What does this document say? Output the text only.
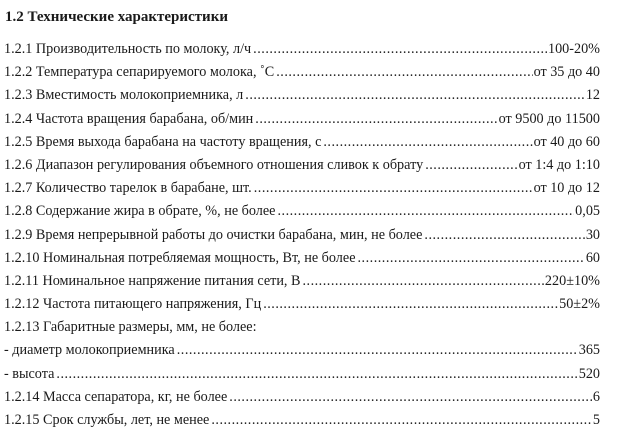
1.2 Технические характеристики
1.2.1 Производительность по молоку, л/ч .....	100-20%
1.2.2 Температура сепарируемого молока, ˚С .....	от 35 до 40
1.2.3 Вместимость молокоприемника, л .....	12
1.2.4 Частота вращения барабана, об/мин .....	от 9500 до 11500
1.2.5 Время выхода барабана на частоту вращения, с .....	от 40 до 60
1.2.6 Диапазон регулирования объемного отношения сливок к обрату .....	от 1:4 до 1:10
1.2.7 Количество тарелок в барабане, шт. .....	от 10 до 12
1.2.8 Содержание жира в обрате, %, не более .....	0,05
1.2.9 Время непрерывной работы до очистки барабана, мин, не более .....	30
1.2.10 Номинальная потребляемая мощность, Вт, не более .....	60
1.2.11 Номинальное напряжение питания сети, В .....	220±10%
1.2.12 Частота питающего напряжения, Гц .....	50±2%
1.2.13 Габаритные размеры, мм, не более:
- диаметр молокоприемника .....	365
- высота .....	520
1.2.14 Масса сепаратора, кг, не более .....	6
1.2.15 Срок службы, лет, не менее .....	5
